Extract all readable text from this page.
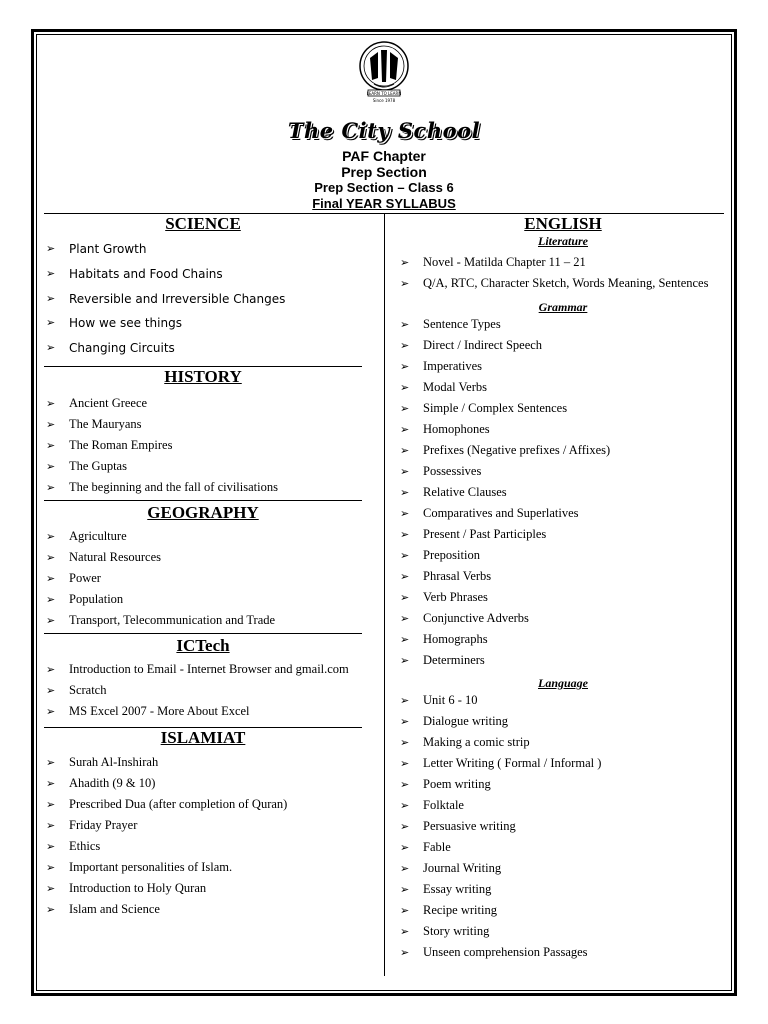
LEARN TO LEARN
Since 1978
The City School
PAF Chapter
Prep Section
Prep Section – Class 6
Final YEAR SYLLABUS
SCIENCE
➢ Plant Growth
➢ Habitats and Food Chains
➢ Reversible and Irreversible Changes
➢ How we see things
➢ Changing Circuits
HISTORY
➢ Ancient Greece
➢ The Mauryans
➢ The Roman Empires
➢ The Guptas
➢ The beginning and the fall of civilisations
GEOGRAPHY
➢ Agriculture
➢ Natural Resources
➢ Power
➢ Population
➢ Transport, Telecommunication and Trade
ICTech
➢ Introduction to Email - Internet Browser and gmail.com
➢ Scratch
➢ MS Excel 2007 - More About Excel
ISLAMIAT
➢ Surah Al-Inshirah
➢ Ahadith (9 & 10)
➢ Prescribed Dua (after completion of Quran)
➢ Friday Prayer
➢ Ethics
➢ Important personalities of Islam.
➢ Introduction to Holy Quran
➢ Islam and Science
ENGLISH
Literature
➢ Novel - Matilda Chapter 11 – 21
➢ Q/A, RTC, Character Sketch, Words Meaning, Sentences
Grammar
➢ Sentence Types
➢ Direct / Indirect Speech
➢ Imperatives
➢ Modal Verbs
➢ Simple / Complex Sentences
➢ Homophones
➢ Prefixes (Negative prefixes / Affixes)
➢ Possessives
➢ Relative Clauses
➢ Comparatives and Superlatives
➢ Present / Past Participles
➢ Preposition
➢ Phrasal Verbs
➢ Verb Phrases
➢ Conjunctive Adverbs
➢ Homographs
➢ Determiners
Language
➢ Unit 6 - 10
➢ Dialogue writing
➢ Making a comic strip
➢ Letter Writing ( Formal / Informal )
➢ Poem writing
➢ Folktale
➢ Persuasive writing
➢ Fable
➢ Journal Writing
➢ Essay writing
➢ Recipe writing
➢ Story writing
➢ Unseen comprehension Passages
